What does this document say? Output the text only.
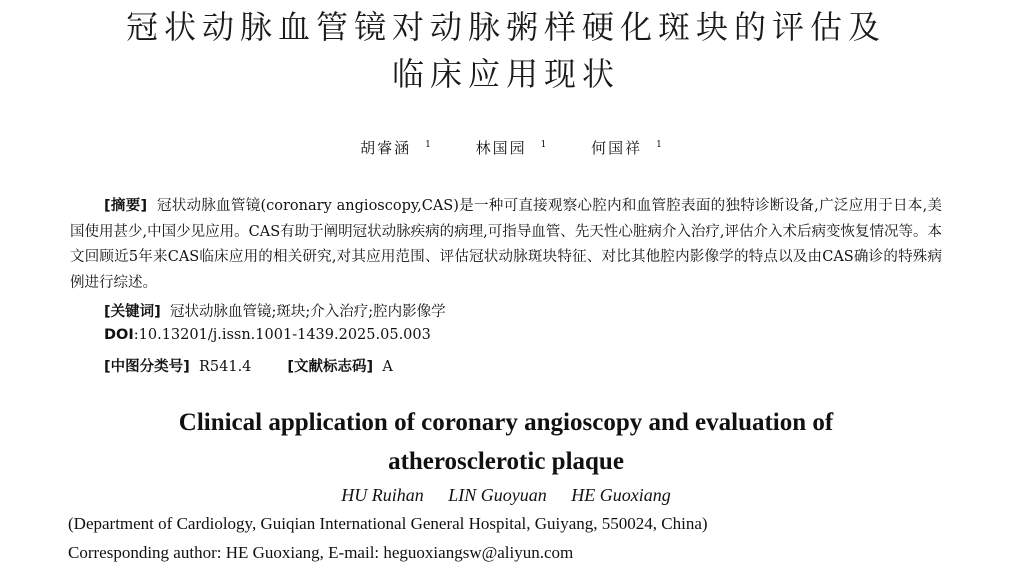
冠状动脉血管镜对动脉粥样硬化斑块的评估及
临床应用现状
胡睿涵 $^1$	林国园 $^1$	何国祥 $^1$

[摘要] 冠状动脉血管镜(coronary angioscopy,CAS)是一种可直接观察心腔内和血管腔表面的独特诊断设备,广泛应用于日本,美国使用甚少,中国少见应用。CAS有助于阐明冠状动脉疾病的病理,可指导血管、先天性心脏病介入治疗,评估介入术后病变恢复情况等。本文回顾近5年来CAS临床应用的相关研究,对其应用范围、评估冠状动脉斑块特征、对比其他腔内影像学的特点以及由CAS确诊的特殊病例进行综述。

[关键词] 冠状动脉血管镜;斑块;介入治疗;腔内影像学
DOI:10.13201/j.issn.1001-1439.2025.05.003
[中图分类号] R541.4 [文献标志码] A
Clinical application of coronary angioscopy and evaluation of
atherosclerotic plaque
HU Ruihan LIN Guoyuan HE Guoxiang
(Department of Cardiology, Guiqian International General Hospital, Guiyang, 550024, China)
Corresponding author: HE Guoxiang, E-mail: heguoxiangsw@aliyun.com
